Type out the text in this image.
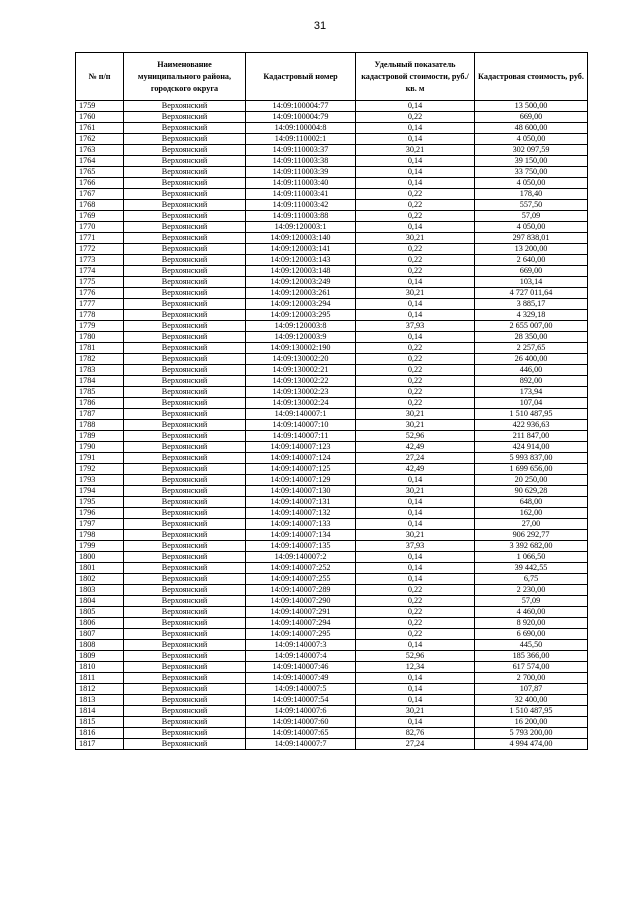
31
№ п/п	Наименование муниципального района, городского округа	Кадастровый номер	Удельный показатель кадастровой стоимости, руб./кв. м	Кадастровая стоимость, руб.
1759	Верхоянский	14:09:100004:77	0,14	13 500,00
1760	Верхоянский	14:09:100004:79	0,22	669,00
1761	Верхоянский	14:09:100004:8	0,14	48 600,00
1762	Верхоянский	14:09:110002:1	0,14	4 050,00
1763	Верхоянский	14:09:110003:37	30,21	302 097,59
1764	Верхоянский	14:09:110003:38	0,14	39 150,00
1765	Верхоянский	14:09:110003:39	0,14	33 750,00
1766	Верхоянский	14:09:110003:40	0,14	4 050,00
1767	Верхоянский	14:09:110003:41	0,22	178,40
1768	Верхоянский	14:09:110003:42	0,22	557,50
1769	Верхоянский	14:09:110003:88	0,22	57,09
1770	Верхоянский	14:09:120003:1	0,14	4 050,00
1771	Верхоянский	14:09:120003:140	30,21	297 838,01
1772	Верхоянский	14:09:120003:141	0,22	13 200,00
1773	Верхоянский	14:09:120003:143	0,22	2 640,00
1774	Верхоянский	14:09:120003:148	0,22	669,00
1775	Верхоянский	14:09:120003:249	0,14	103,14
1776	Верхоянский	14:09:120003:261	30,21	4 727 011,64
1777	Верхоянский	14:09:120003:294	0,14	3 885,17
1778	Верхоянский	14:09:120003:295	0,14	4 329,18
1779	Верхоянский	14:09:120003:8	37,93	2 655 007,00
1780	Верхоянский	14:09:120003:9	0,14	28 350,00
1781	Верхоянский	14:09:130002:190	0,22	2 257,65
1782	Верхоянский	14:09:130002:20	0,22	26 400,00
1783	Верхоянский	14:09:130002:21	0,22	446,00
1784	Верхоянский	14:09:130002:22	0,22	892,00
1785	Верхоянский	14:09:130002:23	0,22	173,94
1786	Верхоянский	14:09:130002:24	0,22	107,04
1787	Верхоянский	14:09:140007:1	30,21	1 510 487,95
1788	Верхоянский	14:09:140007:10	30,21	422 936,63
1789	Верхоянский	14:09:140007:11	52,96	211 847,00
1790	Верхоянский	14:09:140007:123	42,49	424 914,00
1791	Верхоянский	14:09:140007:124	27,24	5 993 837,00
1792	Верхоянский	14:09:140007:125	42,49	1 699 656,00
1793	Верхоянский	14:09:140007:129	0,14	20 250,00
1794	Верхоянский	14:09:140007:130	30,21	90 629,28
1795	Верхоянский	14:09:140007:131	0,14	648,00
1796	Верхоянский	14:09:140007:132	0,14	162,00
1797	Верхоянский	14:09:140007:133	0,14	27,00
1798	Верхоянский	14:09:140007:134	30,21	906 292,77
1799	Верхоянский	14:09:140007:135	37,93	3 392 682,00
1800	Верхоянский	14:09:140007:2	0,14	1 066,50
1801	Верхоянский	14:09:140007:252	0,14	39 442,55
1802	Верхоянский	14:09:140007:255	0,14	6,75
1803	Верхоянский	14:09:140007:289	0,22	2 230,00
1804	Верхоянский	14:09:140007:290	0,22	57,09
1805	Верхоянский	14:09:140007:291	0,22	4 460,00
1806	Верхоянский	14:09:140007:294	0,22	8 920,00
1807	Верхоянский	14:09:140007:295	0,22	6 690,00
1808	Верхоянский	14:09:140007:3	0,14	445,50
1809	Верхоянский	14:09:140007:4	52,96	185 366,00
1810	Верхоянский	14:09:140007:46	12,34	617 574,00
1811	Верхоянский	14:09:140007:49	0,14	2 700,00
1812	Верхоянский	14:09:140007:5	0,14	107,87
1813	Верхоянский	14:09:140007:54	0,14	32 400,00
1814	Верхоянский	14:09:140007:6	30,21	1 510 487,95
1815	Верхоянский	14:09:140007:60	0,14	16 200,00
1816	Верхоянский	14:09:140007:65	82,76	5 793 200,00
1817	Верхоянский	14:09:140007:7	27,24	4 994 474,00
